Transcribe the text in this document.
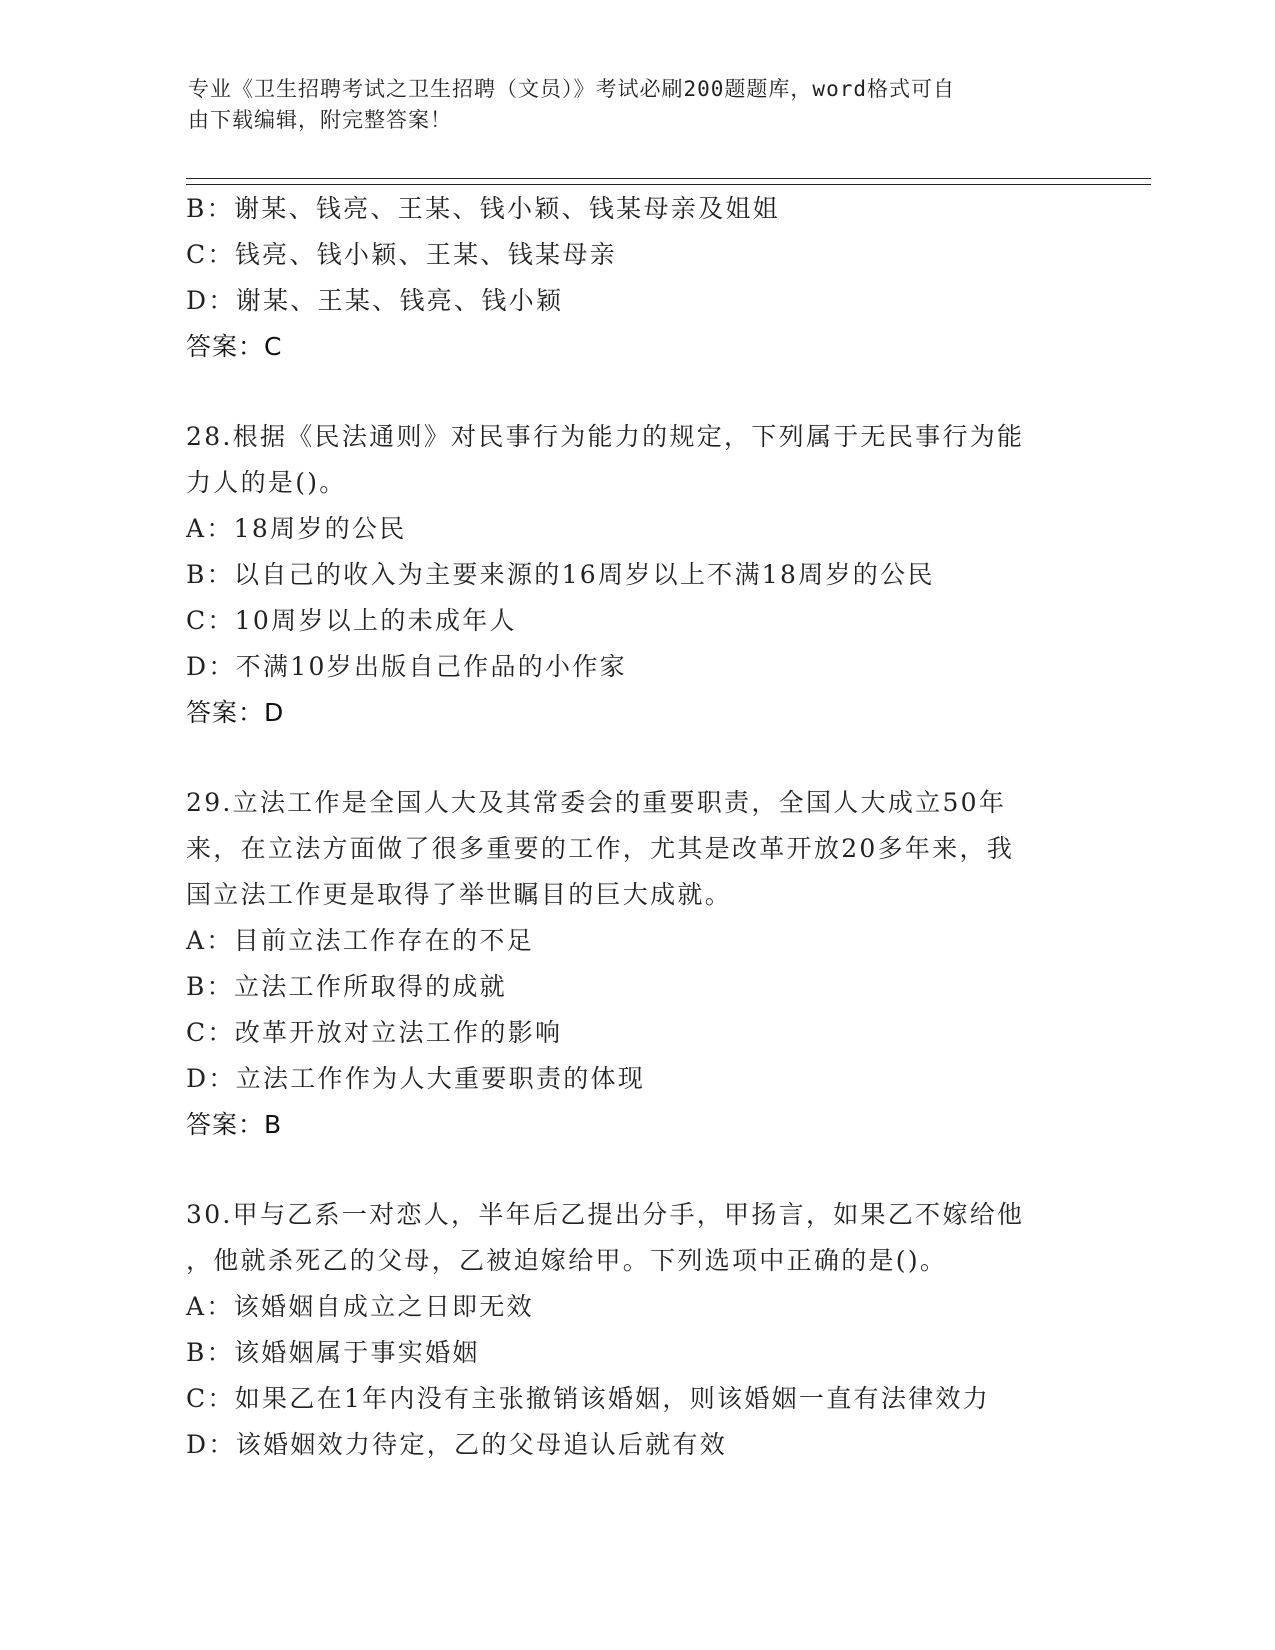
专业《卫生招聘考试之卫生招聘（文员）》考试必刷200题题库，word格式可自
由下载编辑，附完整答案！
B：谢某、钱亮、王某、钱小颖、钱某母亲及姐姐
C：钱亮、钱小颖、王某、钱某母亲
D：谢某、王某、钱亮、钱小颖
答案：C
28.根据《民法通则》对民事行为能力的规定，下列属于无民事行为能
力人的是()。
A：18周岁的公民
B：以自己的收入为主要来源的16周岁以上不满18周岁的公民
C：10周岁以上的未成年人
D：不满10岁出版自己作品的小作家
答案：D
29.立法工作是全国人大及其常委会的重要职责，全国人大成立50年
来，在立法方面做了很多重要的工作，尤其是改革开放20多年来，我
国立法工作更是取得了举世瞩目的巨大成就。
A：目前立法工作存在的不足
B：立法工作所取得的成就
C：改革开放对立法工作的影响
D：立法工作作为人大重要职责的体现
答案：B
30.甲与乙系一对恋人，半年后乙提出分手，甲扬言，如果乙不嫁给他
，他就杀死乙的父母，乙被迫嫁给甲。下列选项中正确的是()。
A：该婚姻自成立之日即无效
B：该婚姻属于事实婚姻
C：如果乙在1年内没有主张撤销该婚姻，则该婚姻一直有法律效力
D：该婚姻效力待定，乙的父母追认后就有效
